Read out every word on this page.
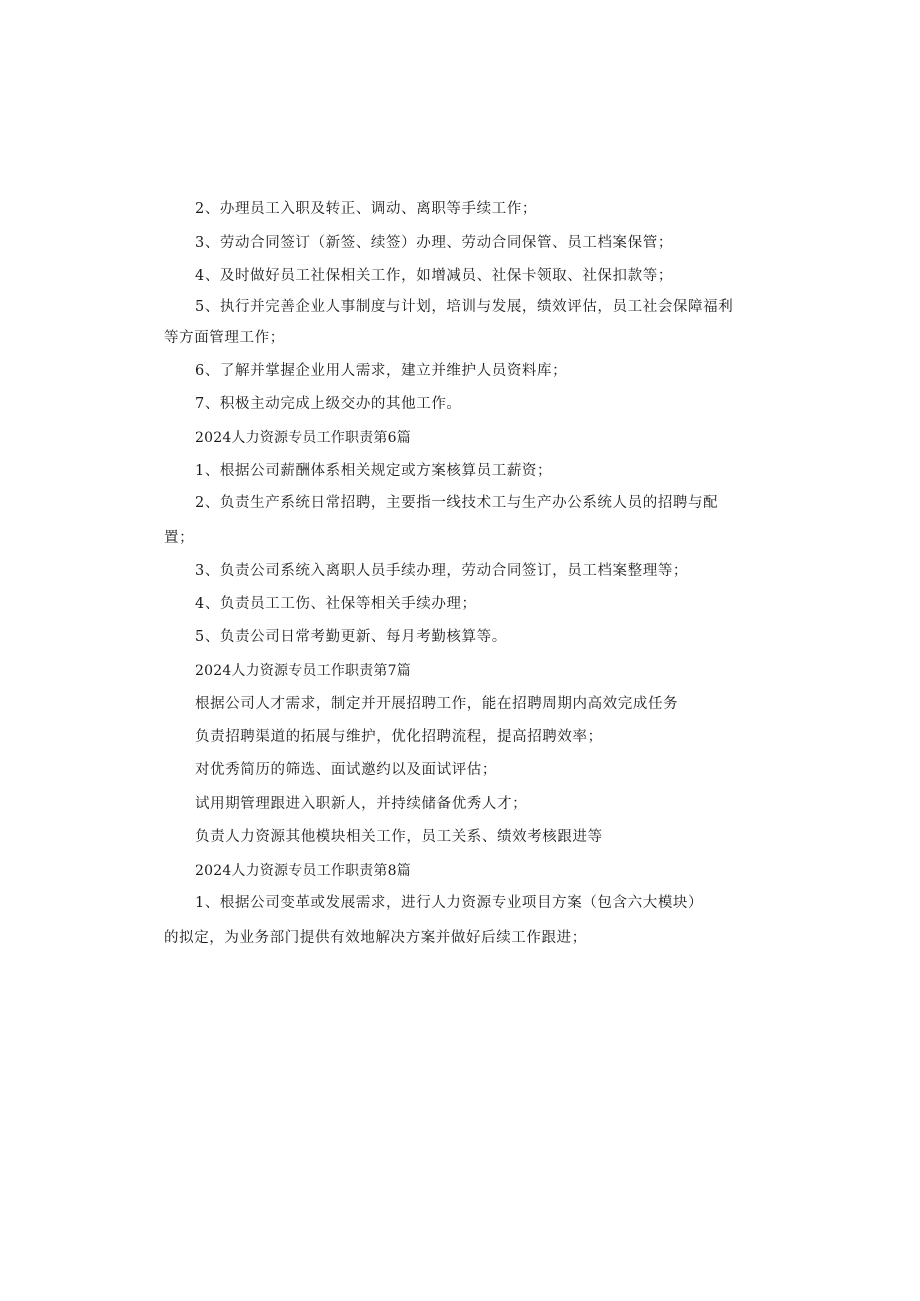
2、办理员工入职及转正、调动、离职等手续工作；
3、劳动合同签订（新签、续签）办理、劳动合同保管、员工档案保管；
4、及时做好员工社保相关工作，如增减员、社保卡领取、社保扣款等；
5、执行并完善企业人事制度与计划，培训与发展，绩效评估，员工社会保障福利
等方面管理工作；
6、了解并掌握企业用人需求，建立并维护人员资料库；
7、积极主动完成上级交办的其他工作。
2024人力资源专员工作职责第6篇
1、根据公司薪酬体系相关规定或方案核算员工薪资；
2、负责生产系统日常招聘，主要指一线技术工与生产办公系统人员的招聘与配
置；
3、负责公司系统入离职人员手续办理，劳动合同签订，员工档案整理等；
4、负责员工工伤、社保等相关手续办理；
5、负责公司日常考勤更新、每月考勤核算等。
2024人力资源专员工作职责第7篇
根据公司人才需求，制定并开展招聘工作，能在招聘周期内高效完成任务
负责招聘渠道的拓展与维护，优化招聘流程，提高招聘效率；
对优秀简历的筛选、面试邀约以及面试评估；
试用期管理跟进入职新人，并持续储备优秀人才；
负责人力资源其他模块相关工作，员工关系、绩效考核跟进等
2024人力资源专员工作职责第8篇
1、根据公司变革或发展需求，进行人力资源专业项目方案（包含六大模块）
的拟定，为业务部门提供有效地解决方案并做好后续工作跟进；
